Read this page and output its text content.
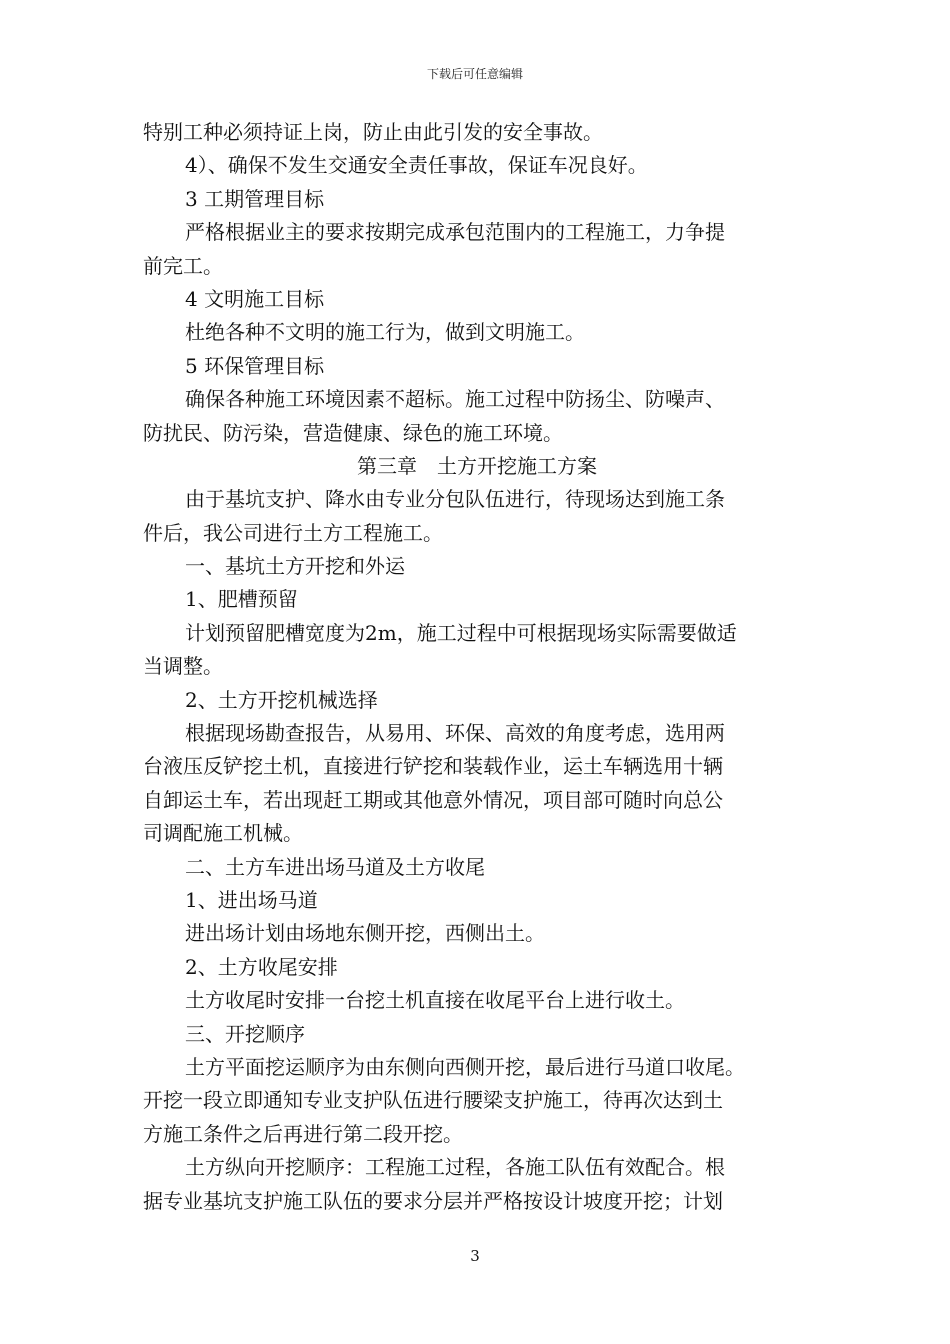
下载后可任意编辑
特别工种必须持证上岗，防止由此引发的安全事故。
4）、确保不发生交通安全责任事故，保证车况良好。
3 工期管理目标
严格根据业主的要求按期完成承包范围内的工程施工，力争提
前完工。
4 文明施工目标
杜绝各种不文明的施工行为，做到文明施工。
5 环保管理目标
确保各种施工环境因素不超标。施工过程中防扬尘、防噪声、
防扰民、防污染，营造健康、绿色的施工环境。
第三章　土方开挖施工方案
由于基坑支护、降水由专业分包队伍进行，待现场达到施工条
件后，我公司进行土方工程施工。
一、基坑土方开挖和外运
1、肥槽预留
计划预留肥槽宽度为2m，施工过程中可根据现场实际需要做适
当调整。
2、土方开挖机械选择
根据现场勘查报告，从易用、环保、高效的角度考虑，选用两
台液压反铲挖土机，直接进行铲挖和装载作业，运土车辆选用十辆
自卸运土车，若出现赶工期或其他意外情况，项目部可随时向总公
司调配施工机械。
二、土方车进出场马道及土方收尾
1、进出场马道
进出场计划由场地东侧开挖，西侧出土。
2、土方收尾安排
土方收尾时安排一台挖土机直接在收尾平台上进行收土。
三、开挖顺序
土方平面挖运顺序为由东侧向西侧开挖，最后进行马道口收尾。
开挖一段立即通知专业支护队伍进行腰梁支护施工，待再次达到土
方施工条件之后再进行第二段开挖。
土方纵向开挖顺序：工程施工过程，各施工队伍有效配合。根
据专业基坑支护施工队伍的要求分层并严格按设计坡度开挖；计划
3
